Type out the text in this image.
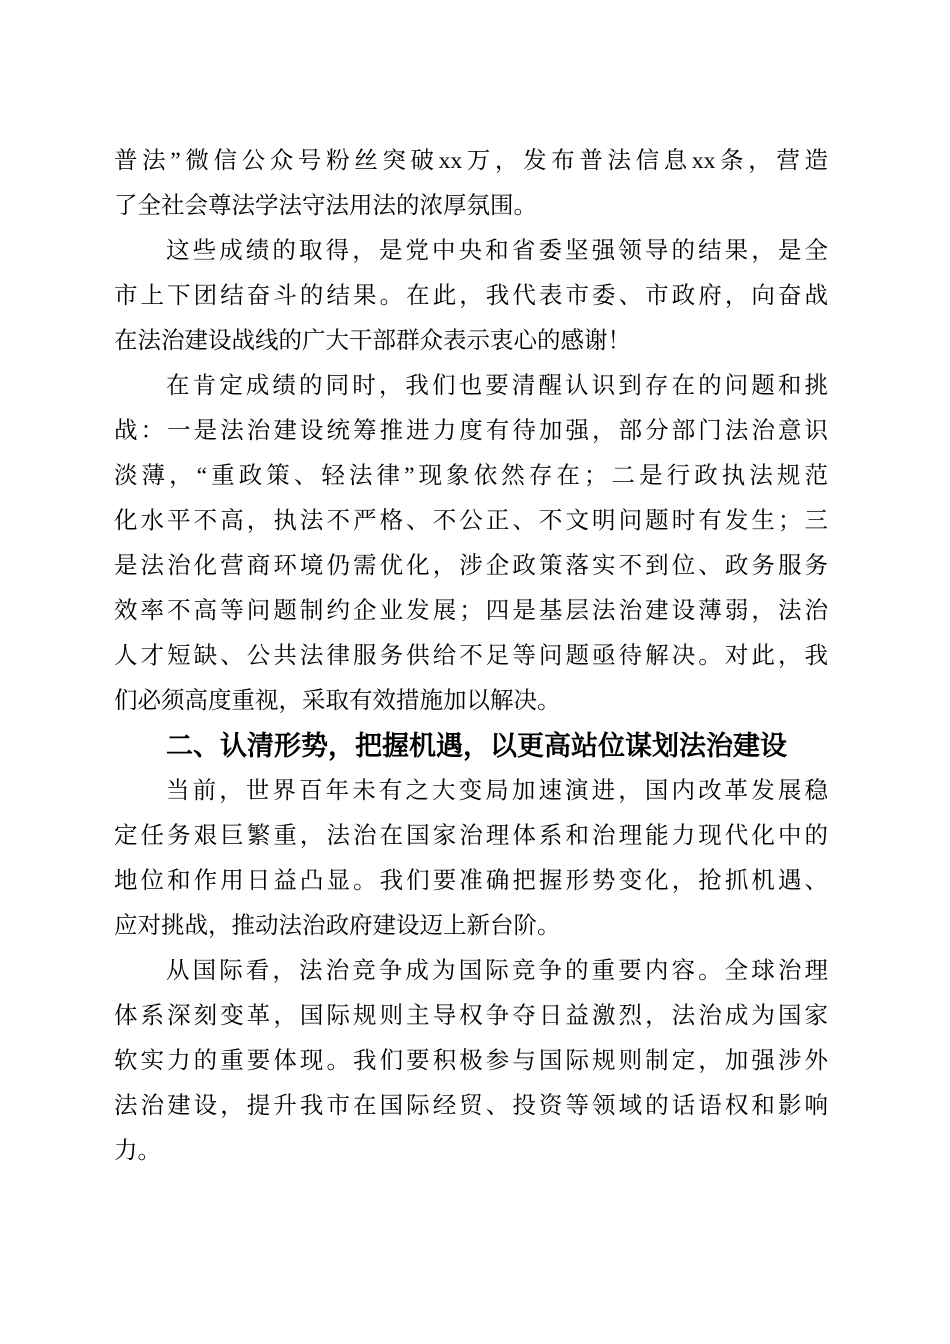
普法”微信公众号粉丝突破xx万，发布普法信息xx条，营造
了全社会尊法学法守法用法的浓厚氛围。
这些成绩的取得，是党中央和省委坚强领导的结果，是全
市上下团结奋斗的结果。在此，我代表市委、市政府，向奋战
在法治建设战线的广大干部群众表示衷心的感谢！
在肯定成绩的同时，我们也要清醒认识到存在的问题和挑
战：一是法治建设统筹推进力度有待加强，部分部门法治意识
淡薄，“重政策、轻法律”现象依然存在；二是行政执法规范
化水平不高，执法不严格、不公正、不文明问题时有发生；三
是法治化营商环境仍需优化，涉企政策落实不到位、政务服务
效率不高等问题制约企业发展；四是基层法治建设薄弱，法治
人才短缺、公共法律服务供给不足等问题亟待解决。对此，我
们必须高度重视，采取有效措施加以解决。
二、认清形势，把握机遇，以更高站位谋划法治建设
当前，世界百年未有之大变局加速演进，国内改革发展稳
定任务艰巨繁重，法治在国家治理体系和治理能力现代化中的
地位和作用日益凸显。我们要准确把握形势变化，抢抓机遇、
应对挑战，推动法治政府建设迈上新台阶。
从国际看，法治竞争成为国际竞争的重要内容。全球治理
体系深刻变革，国际规则主导权争夺日益激烈，法治成为国家
软实力的重要体现。我们要积极参与国际规则制定，加强涉外
法治建设，提升我市在国际经贸、投资等领域的话语权和影响
力。
